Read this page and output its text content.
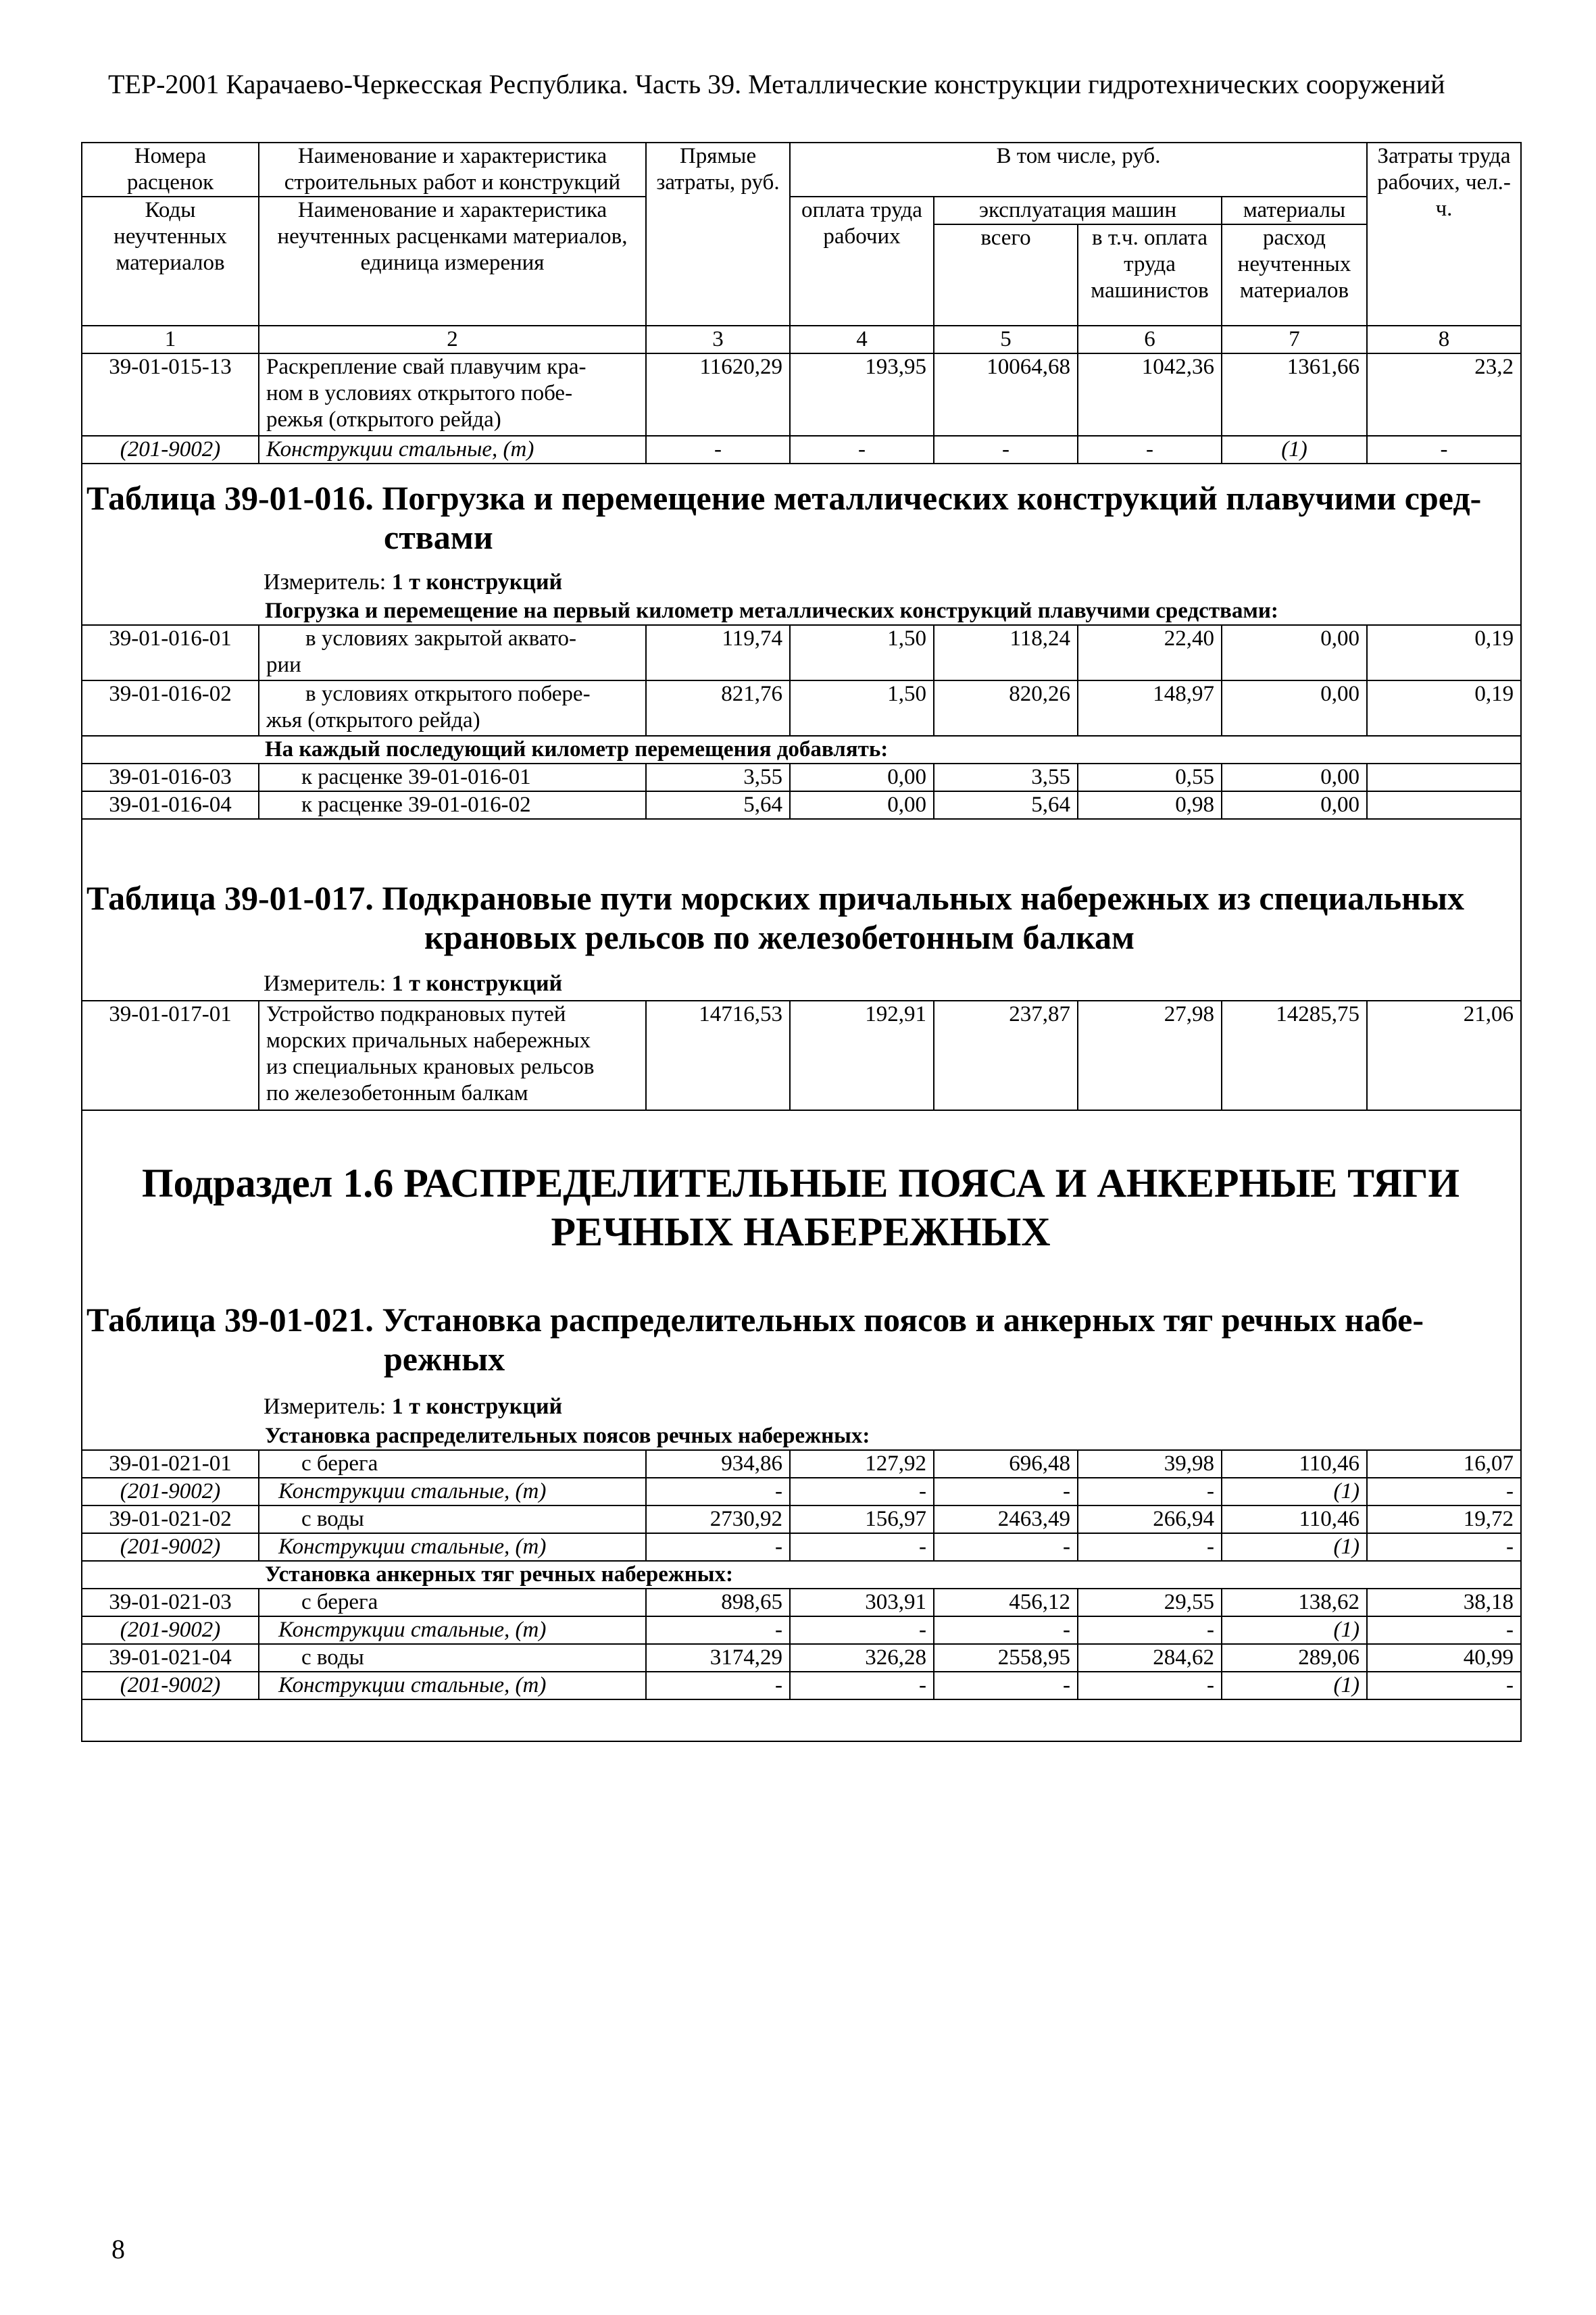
ТЕР-2001 Карачаево-Черкесская Республика. Часть 39. Металлические конструкции гидротехнических сооружений
Номера расценок	Наименование и характеристика строительных работ и конструкций	Прямые затраты, руб.	В том числе, руб.				Затраты труда рабочих, чел.-ч.
Коды неучтенных материалов	Наименование и характеристика неучтенных расценками материалов, единица измерения		оплата труда рабочих	эксплуатация машин		материалы	
				всего	в т.ч. оплата труда машинистов	расход неучтенных материалов	
1	2	3	4	5	6	7	8
39-01-015-13	Раскрепление свай плавучим кра-
ном в условиях открытого побе-
режья (открытого рейда)	11620,29	193,95	10064,68	1042,36	1361,66	23,2
(201-9002)	Конструкции стальные, (т)	-	-	-	-	(1)	-
Таблица 39-01-016. Погрузка и перемещение металлических конструкций плавучими сред-
ствами
Измеритель: 1 т конструкций
Погрузка и перемещение на первый километр металлических конструкций плавучими средствами:							
39-01-016-01	в условиях закрытой аквато-
рии	119,74	1,50	118,24	22,40	0,00	0,19
39-01-016-02	в условиях открытого побере-
жья (открытого рейда)	821,76	1,50	820,26	148,97	0,00	0,19
На каждый последующий километр перемещения добавлять:							
39-01-016-03	к расценке 39-01-016-01	3,55	0,00	3,55	0,55	0,00	
39-01-016-04	к расценке 39-01-016-02	5,64	0,00	5,64	0,98	0,00	
Таблица 39-01-017. Подкрановые пути морских причальных набережных из специальных
крановых рельсов по железобетонным балкам
Измеритель: 1 т конструкций
39-01-017-01	Устройство подкрановых путей
морских причальных набережных
из специальных крановых рельсов
по железобетонным балкам
	14716,53	192,91	237,87	27,98	14285,75	21,06
Подраздел 1.6 РАСПРЕДЕЛИТЕЛЬНЫЕ ПОЯСА И АНКЕРНЫЕ ТЯГИ
РЕЧНЫХ НАБЕРЕЖНЫХ
Таблица 39-01-021. Установка распределительных поясов и анкерных тяг речных набе-
режных
Измеритель: 1 т конструкций
Установка распределительных поясов речных набережных:							
39-01-021-01	с берега	934,86	127,92	696,48	39,98	110,46	16,07
(201-9002)	Конструкции стальные, (т)	-	-	-	-	(1)	-
39-01-021-02	с воды	2730,92	156,97	2463,49	266,94	110,46	19,72
(201-9002)	Конструкции стальные, (т)	-	-	-	-	(1)	-
Установка анкерных тяг речных набережных:							
39-01-021-03	с берега	898,65	303,91	456,12	29,55	138,62	38,18
(201-9002)	Конструкции стальные, (т)	-	-	-	-	(1)	-
39-01-021-04	с воды	3174,29	326,28	2558,95	284,62	289,06	40,99
(201-9002)	Конструкции стальные, (т)	-	-	-	-	(1)	-
8
